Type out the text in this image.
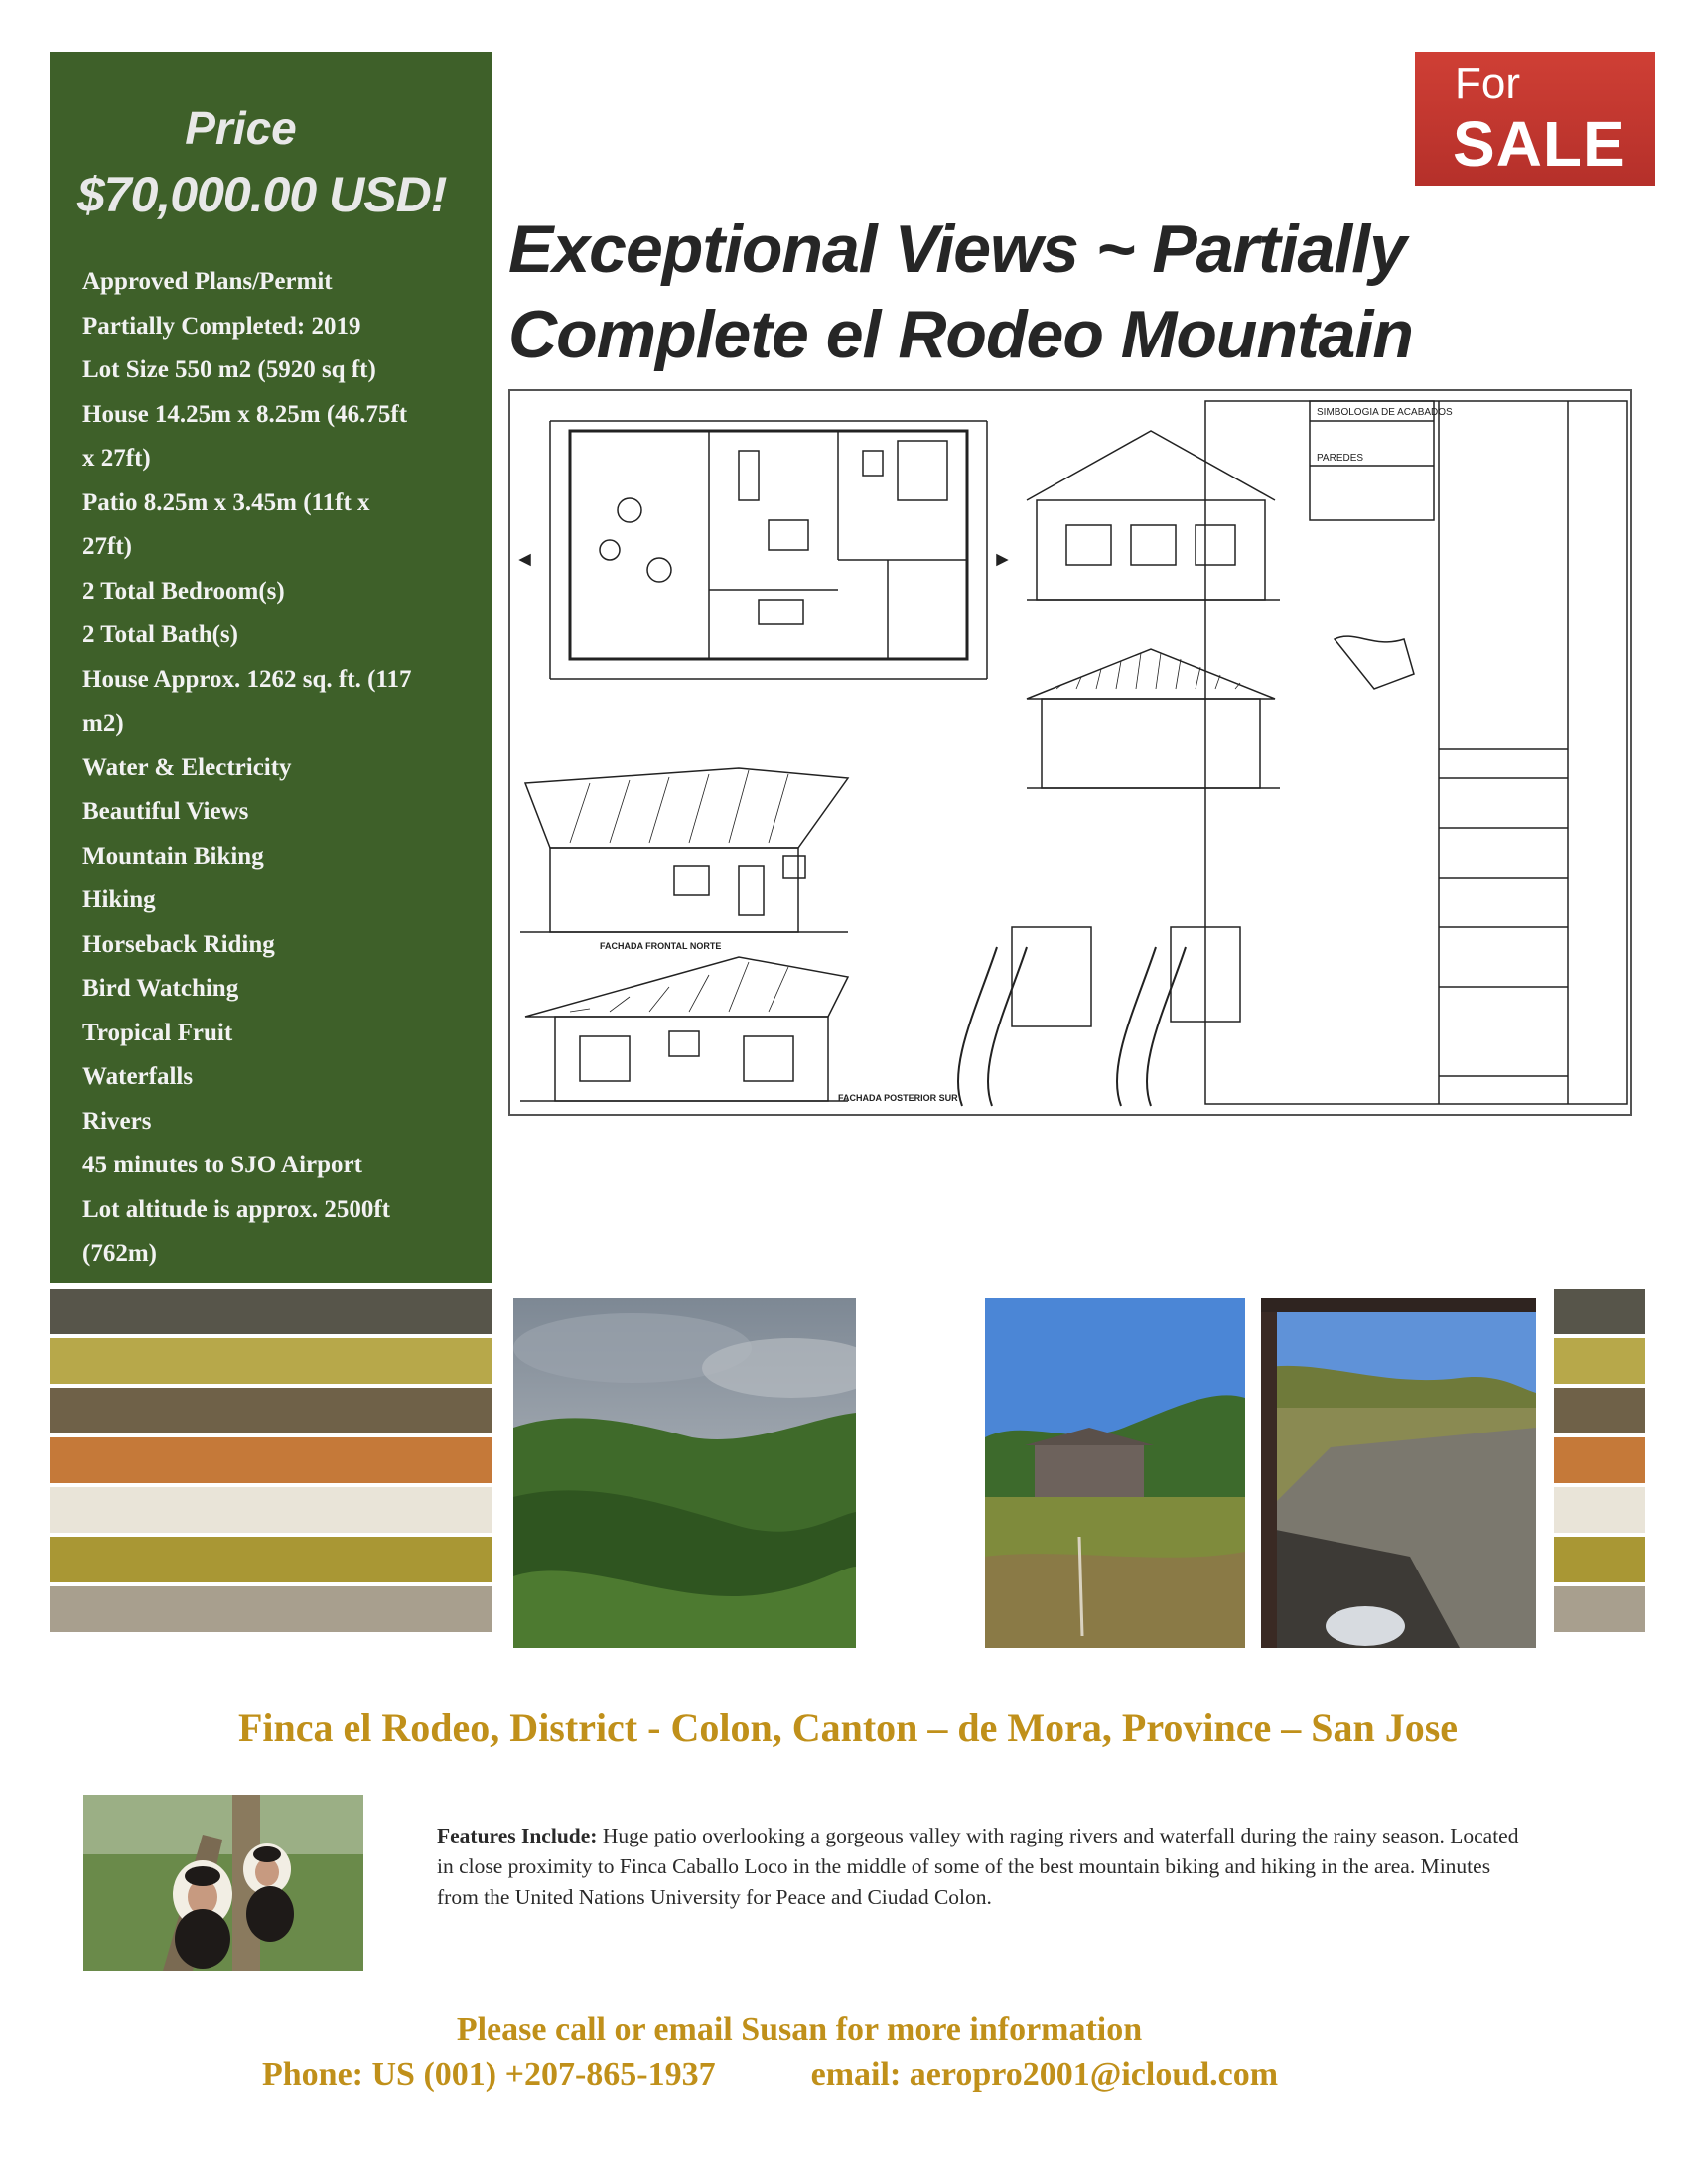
Price
$70,000.00 USD!
Approved Plans/Permit
Partially Completed: 2019
Lot Size 550 m2 (5920 sq ft)
House 14.25m x 8.25m (46.75ft
x 27ft)
Patio 8.25m x 3.45m (11ft x
27ft)
2 Total Bedroom(s)
2 Total Bath(s)
House Approx. 1262 sq. ft. (117
m2)
Water & Electricity
Beautiful Views
Mountain Biking
Hiking
Horseback Riding
Bird Watching
Tropical Fruit
Waterfalls
Rivers
45 minutes to SJO Airport
Lot altitude is approx. 2500ft
(762m)
For
SALE
Exceptional Views ~ Partially
Complete el Rodeo Mountain
SIMBOLOGIA DE ACABADOS
PAREDES
FACHADA FRONTAL NORTE
FACHADA POSTERIOR SUR
Finca el Rodeo, District - Colon, Canton – de Mora, Province – San Jose
Features Include: Huge patio overlooking a gorgeous valley with raging rivers and waterfall during the rainy season. Located in close proximity to Finca Caballo Loco in the middle of some of the best mountain biking and hiking in the area. Minutes from the United Nations University for Peace and Ciudad Colon.
Please call or email Susan for more information
Phone: US (001) +207-865-1937	email: aeropro2001@icloud.com
